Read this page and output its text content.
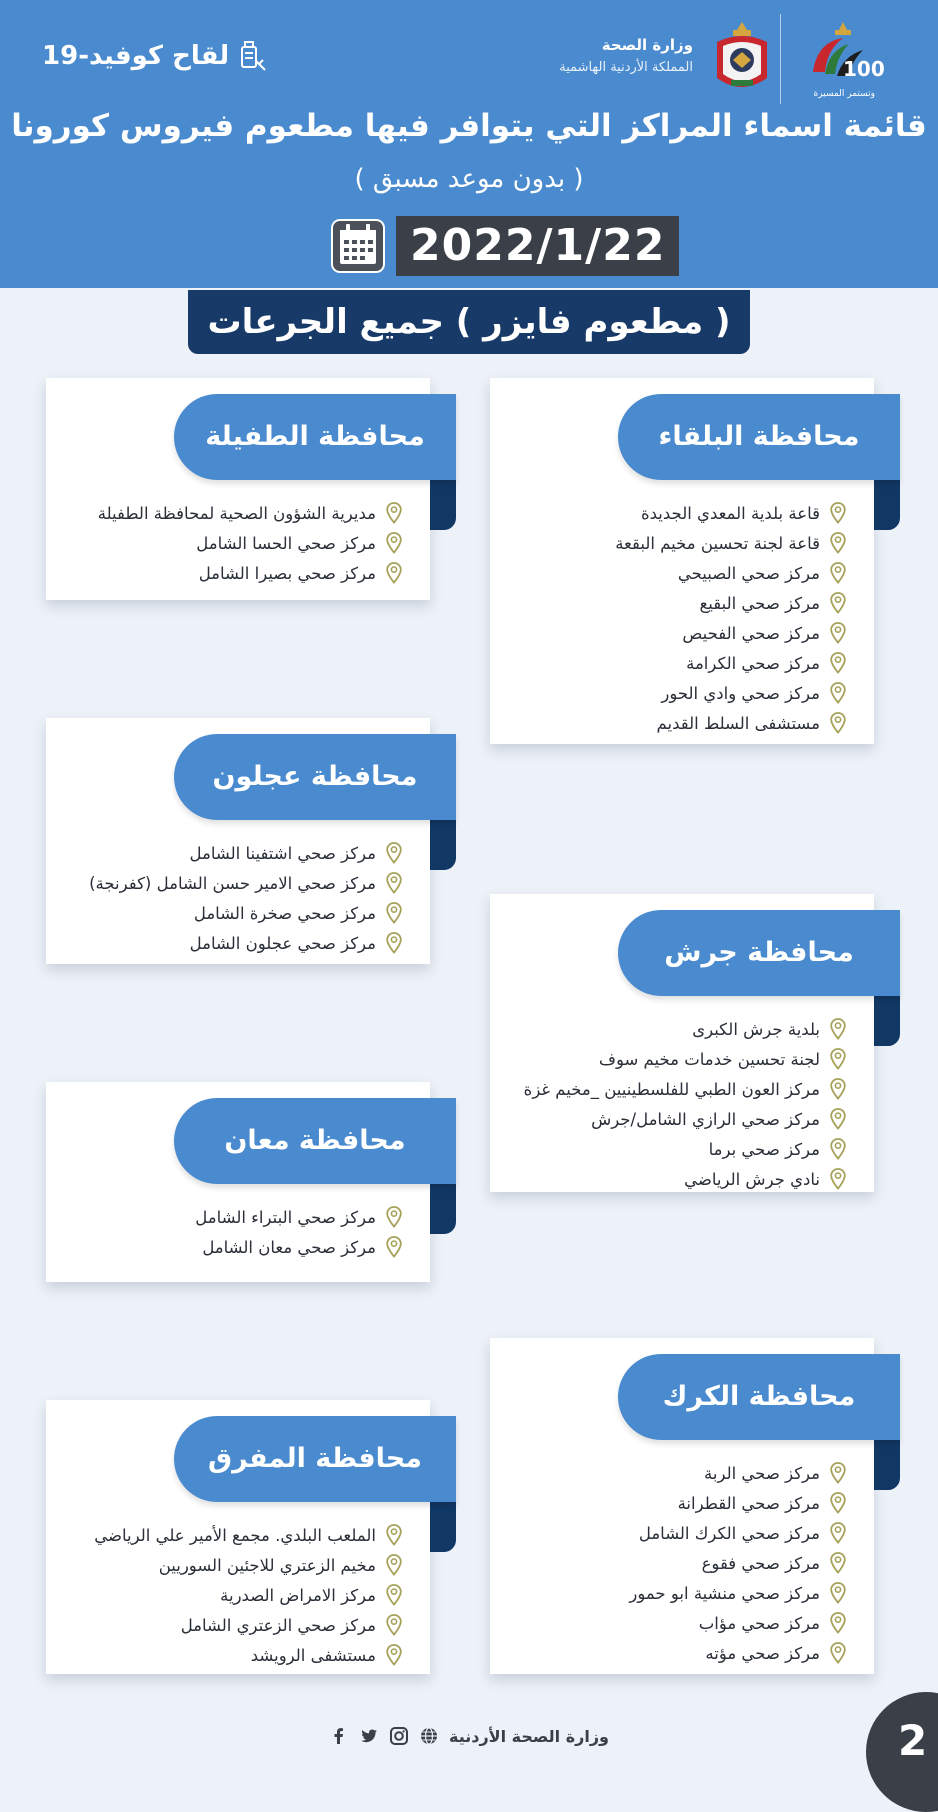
لقاح كوفيد-19	وزارة الصحة
المملكة الأردنية الهاشمية	100
وتستمر المسيرة
قائمة اسماء المراكز التي يتوافر فيها مطعوم فيروس كورونا
( بدون موعد مسبق )
2022/1/22
( مطعوم فايزر ) جميع الجرعات
محافظة البلقاء
قاعة بلدية المعدي الجديدة
قاعة لجنة تحسين مخيم البقعة
مركز صحي الصبيحي
مركز صحي البقيع
مركز صحي الفحيص
مركز صحي الكرامة
مركز صحي وادي الحور
مستشفى السلط القديم
محافظة الطفيلة
مديرية الشؤون الصحية لمحافظة الطفيلة
مركز صحي الحسا الشامل
مركز صحي بصيرا الشامل
محافظة عجلون
مركز صحي اشتفينا الشامل
مركز صحي الامير حسن الشامل (كفرنجة)
مركز صحي صخرة الشامل
مركز صحي عجلون الشامل	محافظة جرش
بلدية جرش الكبرى
لجنة تحسين خدمات مخيم سوف
مركز العون الطبي للفلسطينيين _مخيم غزة
مركز صحي الرازي الشامل/جرش
مركز صحي برما
نادي جرش الرياضي
محافظة معان
مركز صحي البتراء الشامل
مركز صحي معان الشامل
محافظة الكرك
مركز صحي الربة
مركز صحي القطرانة
مركز صحي الكرك الشامل
مركز صحي فقوع
مركز صحي منشية ابو حمور
مركز صحي مؤاب
مركز صحي مؤته
محافظة المفرق
الملعب البلدي. مجمع الأمير علي الرياضي
مخيم الزعتري للاجئين السوريين
مركز الامراض الصدرية
مركز صحي الزعتري الشامل
مستشفى الرويشد
وزارة الصحة الأردنية	2
